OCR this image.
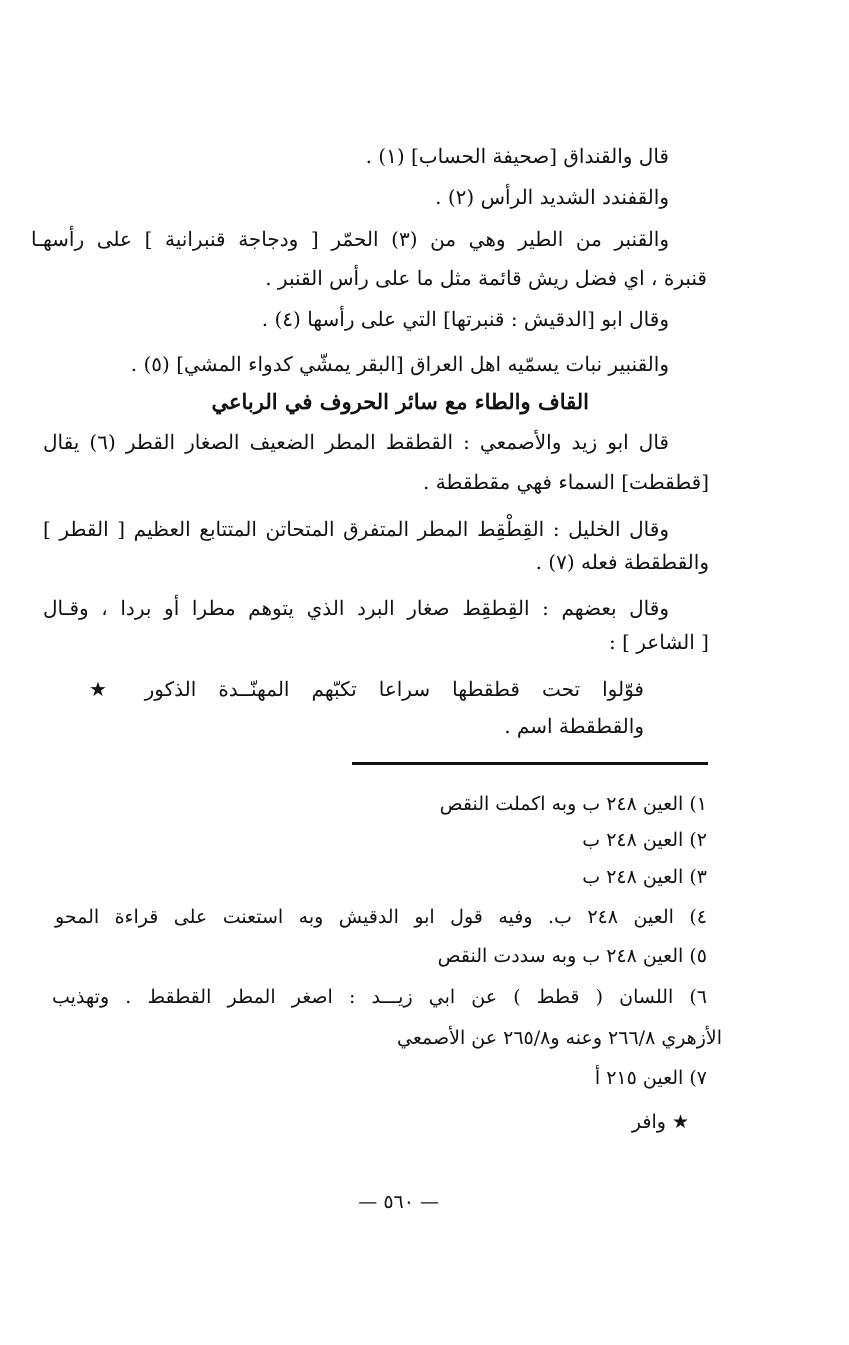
قال والقنداق [صحيفة الحساب] (١) .
والقفندد الشديد الرأس (٢) .
والقنبر من الطير وهي من (٣) الحمّر [ ودجاجة قنبرانية ] على رأسهـا
قنبرة ، اي فضل ريش قائمة مثل ما على رأس القنبر .
وقال ابو [الدقيش : قنبرتها] التي على رأسها (٤) .
والقنبير نبات يسمّيه اهل العراق [البقر يمشّي كدواء المشي] (٥) .
القاف والطاء مع سائر الحروف في الرباعي
قال ابو زيد والأصمعي : القطقط المطر الضعيف الصغار القطر (٦) يقال
[قطقطت] السماء فهي مقطقطة .
وقال الخليل : القِطْقِط المطر المتفرق المتحاتن المتتابع العظيم [ القطر ]
والقطقطة فعله (٧) .
وقال بعضهم : القِطقِط صغار البرد الذي يتوهم مطرا أو بردا ، وقـال
[ الشاعر ] :
فوّلوا تحت قطقطها سراعا تكبّهم المهنّــدة الذكور ★
والقطقطة اسم .
١) العين ٢٤٨ ب وبه اكملت النقص
٢) العين ٢٤٨ ب
٣) العين ٢٤٨ ب
٤) العين ٢٤٨ ب. وفيه قول ابو الدقيش وبه استعنت على قراءة المحو
٥) العين ٢٤٨ ب وبه سددت النقص
٦) اللسان ( قطط ) عن ابي زيـــد : اصغر المطر القطقط . وتهذيب
الأزهري ٢٦٦/٨ وعنه و٢٦٥/٨ عن الأصمعي
٧) العين ٢١٥ أ
★ وافر
— ٥٦٠ —
